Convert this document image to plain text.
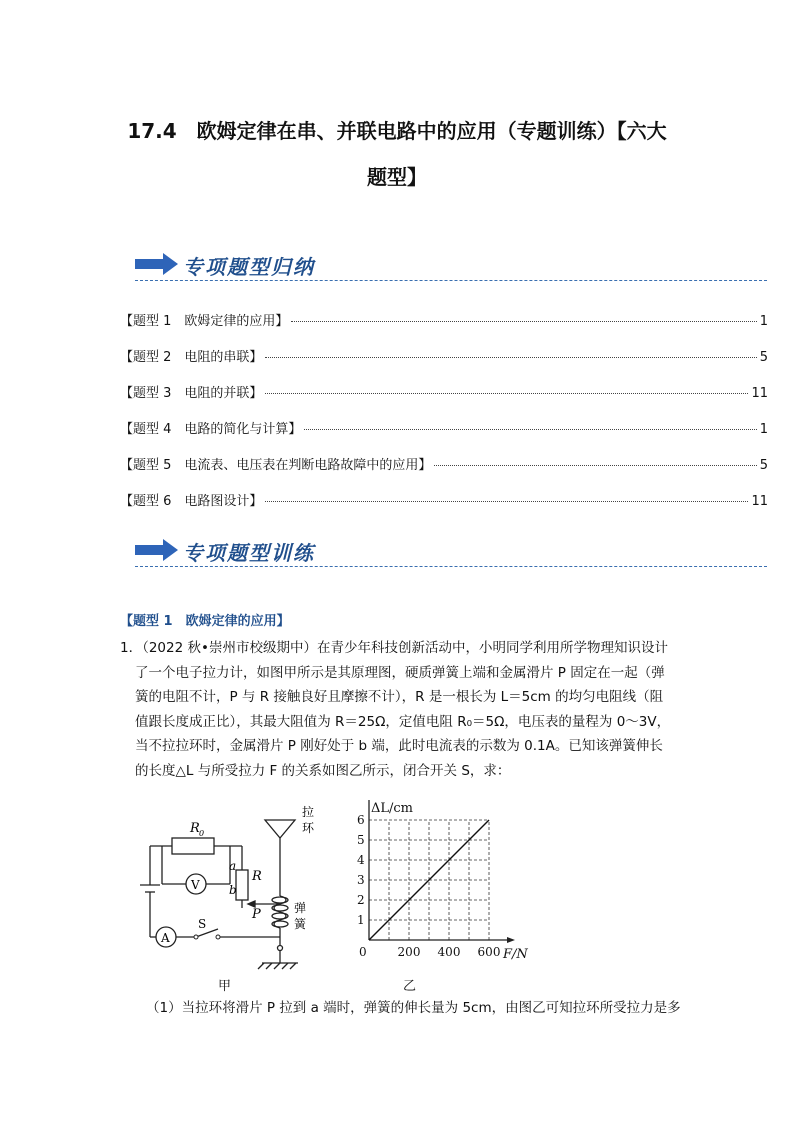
17.4　欧姆定律在串、并联电路中的应用（专题训练）【六大
题型】
专项题型归纳
【题型 1　欧姆定律的应用】	1
【题型 2　电阻的串联】	5
【题型 3　电阻的并联】	11
【题型 4　电路的简化与计算】	1
【题型 5　电流表、电压表在判断电路故障中的应用】	5
【题型 6　电路图设计】	11
专项题型训练
【题型 1　欧姆定律的应用】

1．（2022 秋•崇州市校级期中）在青少年科技创新活动中，小明同学利用所学物理知识设计

了一个电子拉力计，如图甲所示是其原理图，硬质弹簧上端和金属滑片 P 固定在一起（弹

簧的电阻不计，P 与 R 接触良好且摩擦不计），R 是一根长为 L＝5cm 的均匀电阻线（阻

值跟长度成正比），其最大阻值为 R＝25Ω，定值电阻 R₀＝5Ω，电压表的量程为 0～3V，

当不拉拉环时，金属滑片 P 刚好处于 b 端，此时电流表的示数为 0.1A。已知该弹簧伸长

的长度△L 与所受拉力 F 的关系如图乙所示，闭合开关 S，求：

R 0
V
A
S
a
b
R
P
拉
环
弹
簧
甲
1
2
3
4
5
6
200 400 600
0
ΔL/cm
F/N
乙
（1）当拉环将滑片 P 拉到 a 端时，弹簧的伸长量为 5cm，由图乙可知拉环所受拉力是多
